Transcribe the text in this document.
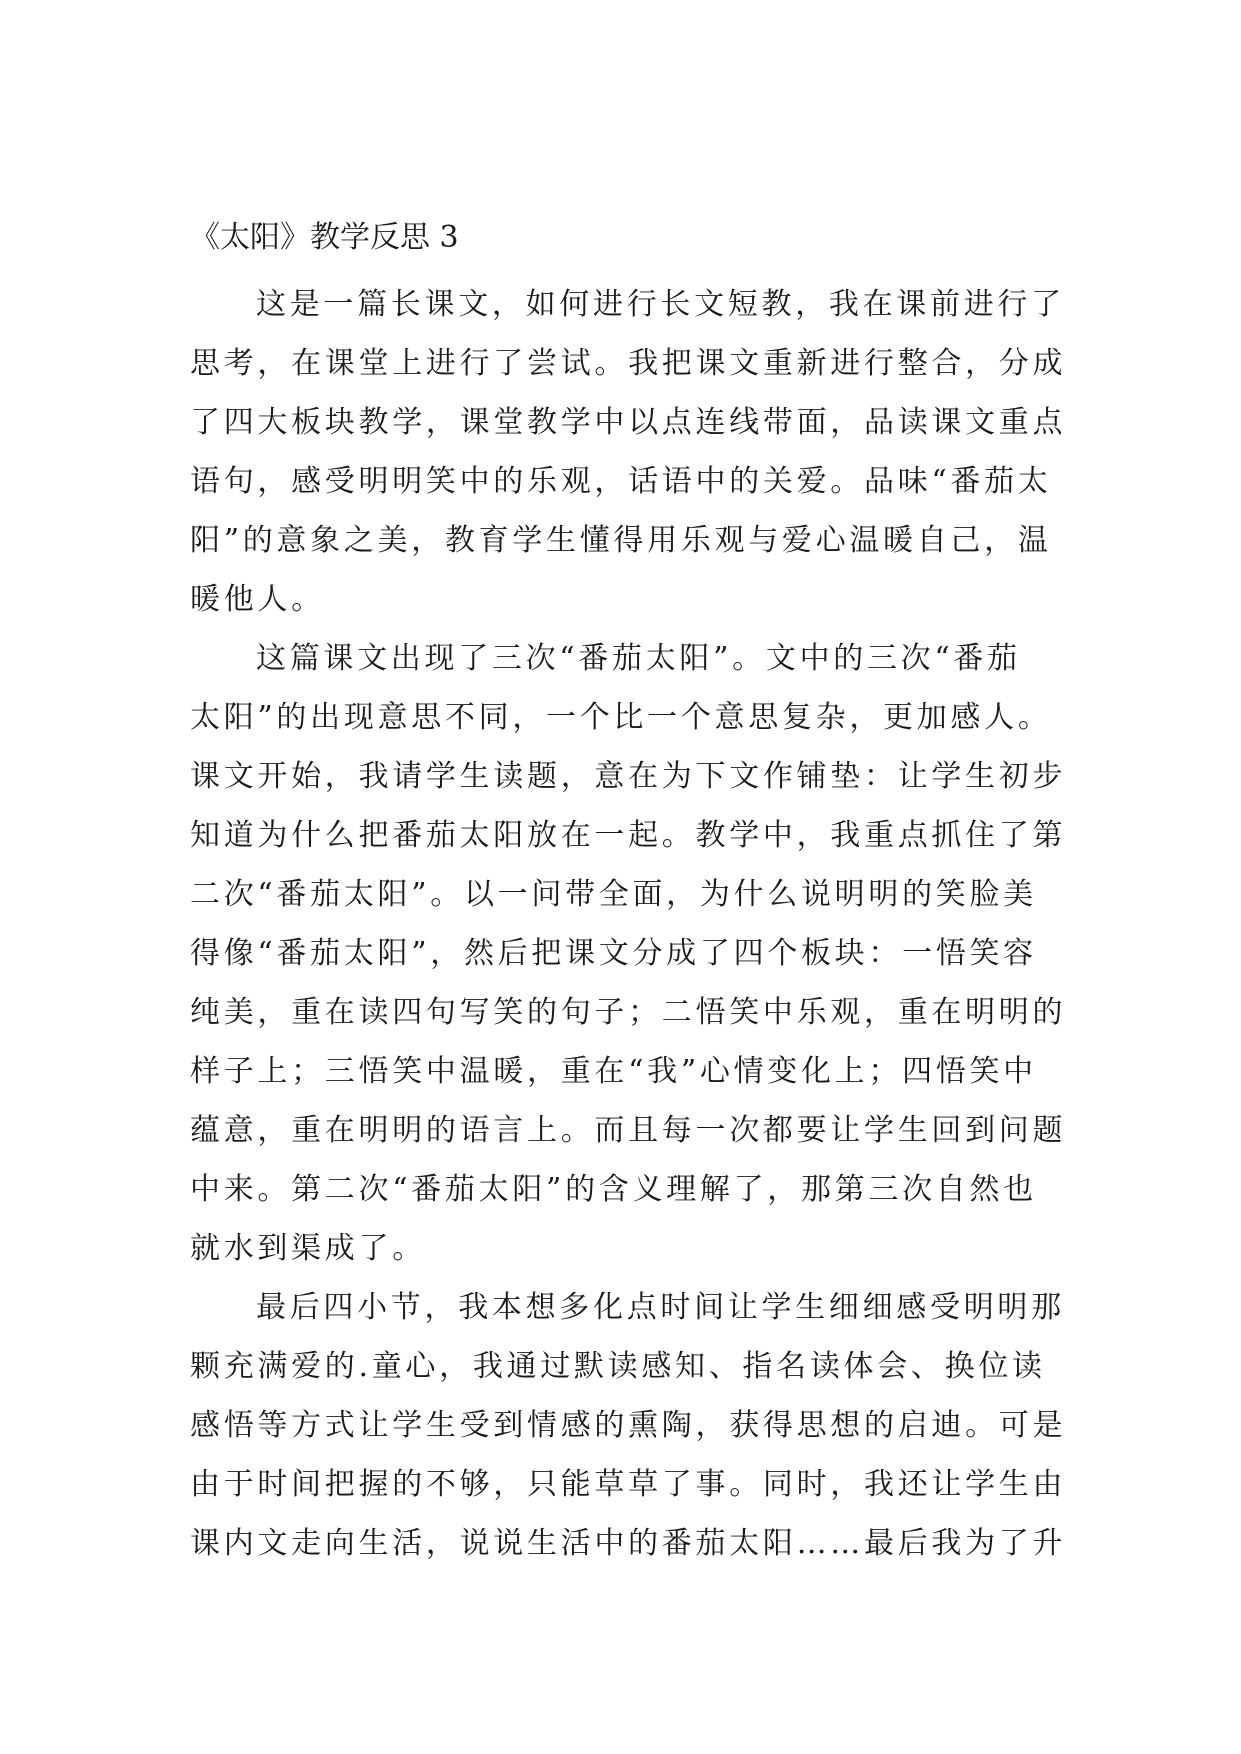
《太阳》教学反思 3
这是一篇长课文，如何进行长文短教，我在课前进行了
思考，在课堂上进行了尝试。我把课文重新进行整合，分成
了四大板块教学，课堂教学中以点连线带面，品读课文重点
语句，感受明明笑中的乐观，话语中的关爱。品味“番茄太
阳”的意象之美，教育学生懂得用乐观与爱心温暖自己，温
暖他人。
这篇课文出现了三次“番茄太阳”。文中的三次“番茄
太阳”的出现意思不同，一个比一个意思复杂，更加感人。
课文开始，我请学生读题，意在为下文作铺垫：让学生初步
知道为什么把番茄太阳放在一起。教学中，我重点抓住了第
二次“番茄太阳”。以一问带全面，为什么说明明的笑脸美
得像“番茄太阳”，然后把课文分成了四个板块：一悟笑容
纯美，重在读四句写笑的句子；二悟笑中乐观，重在明明的
样子上；三悟笑中温暖，重在“我”心情变化上；四悟笑中
蕴意，重在明明的语言上。而且每一次都要让学生回到问题
中来。第二次“番茄太阳”的含义理解了，那第三次自然也
就水到渠成了。
最后四小节，我本想多化点时间让学生细细感受明明那
颗充满爱的.童心，我通过默读感知、指名读体会、换位读
感悟等方式让学生受到情感的熏陶，获得思想的启迪。可是
由于时间把握的不够，只能草草了事。同时，我还让学生由
课内文走向生活，说说生活中的番茄太阳……最后我为了升
